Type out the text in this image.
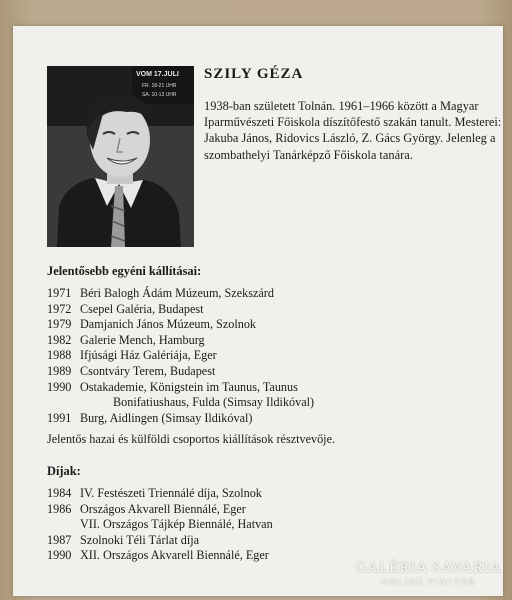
VOM 17.JULI
FR. 18-21 UHR
SA. 10-13 UHR
SZILY GÉZA
1938-ban született Tolnán. 1961–1966 között a Magyar Iparművészeti Főiskola díszítőfestő szakán tanult. Mesterei: Jakuba János, Ridovics László, Z. Gács György. Jelenleg a szombathelyi Tanárképző Főiskola tanára.
Jelentősebb egyéni kállításai:
1971 Béri Balogh Ádám Múzeum, Szekszárd
1972 Csepel Galéria, Budapest
1979 Damjanich János Múzeum, Szolnok
1982 Galerie Mench, Hamburg
1988 Ifjúsági Ház Galériája, Eger
1989 Csontváry Terem, Budapest
1990 Ostakademie, Königstein im Taunus, Taunus
Bonifatiushaus, Fulda (Simsay Ildikóval)
1991 Burg, Aidlingen (Simsay Ildikóval)
Jelentős hazai és külföldi csoportos kiállítások résztvevője.
Díjak:
1984 IV. Festészeti Triennálé díja, Szolnok
1986 Országos Akvarell Biennálé, Eger
VII. Országos Tájkép Biennálé, Hatvan
1987 Szolnoki Téli Tárlat díja
1990 XII. Országos Akvarell Biennálé, Eger
GALÉRIA SAVARIA
ONLINE PIACTÉR
